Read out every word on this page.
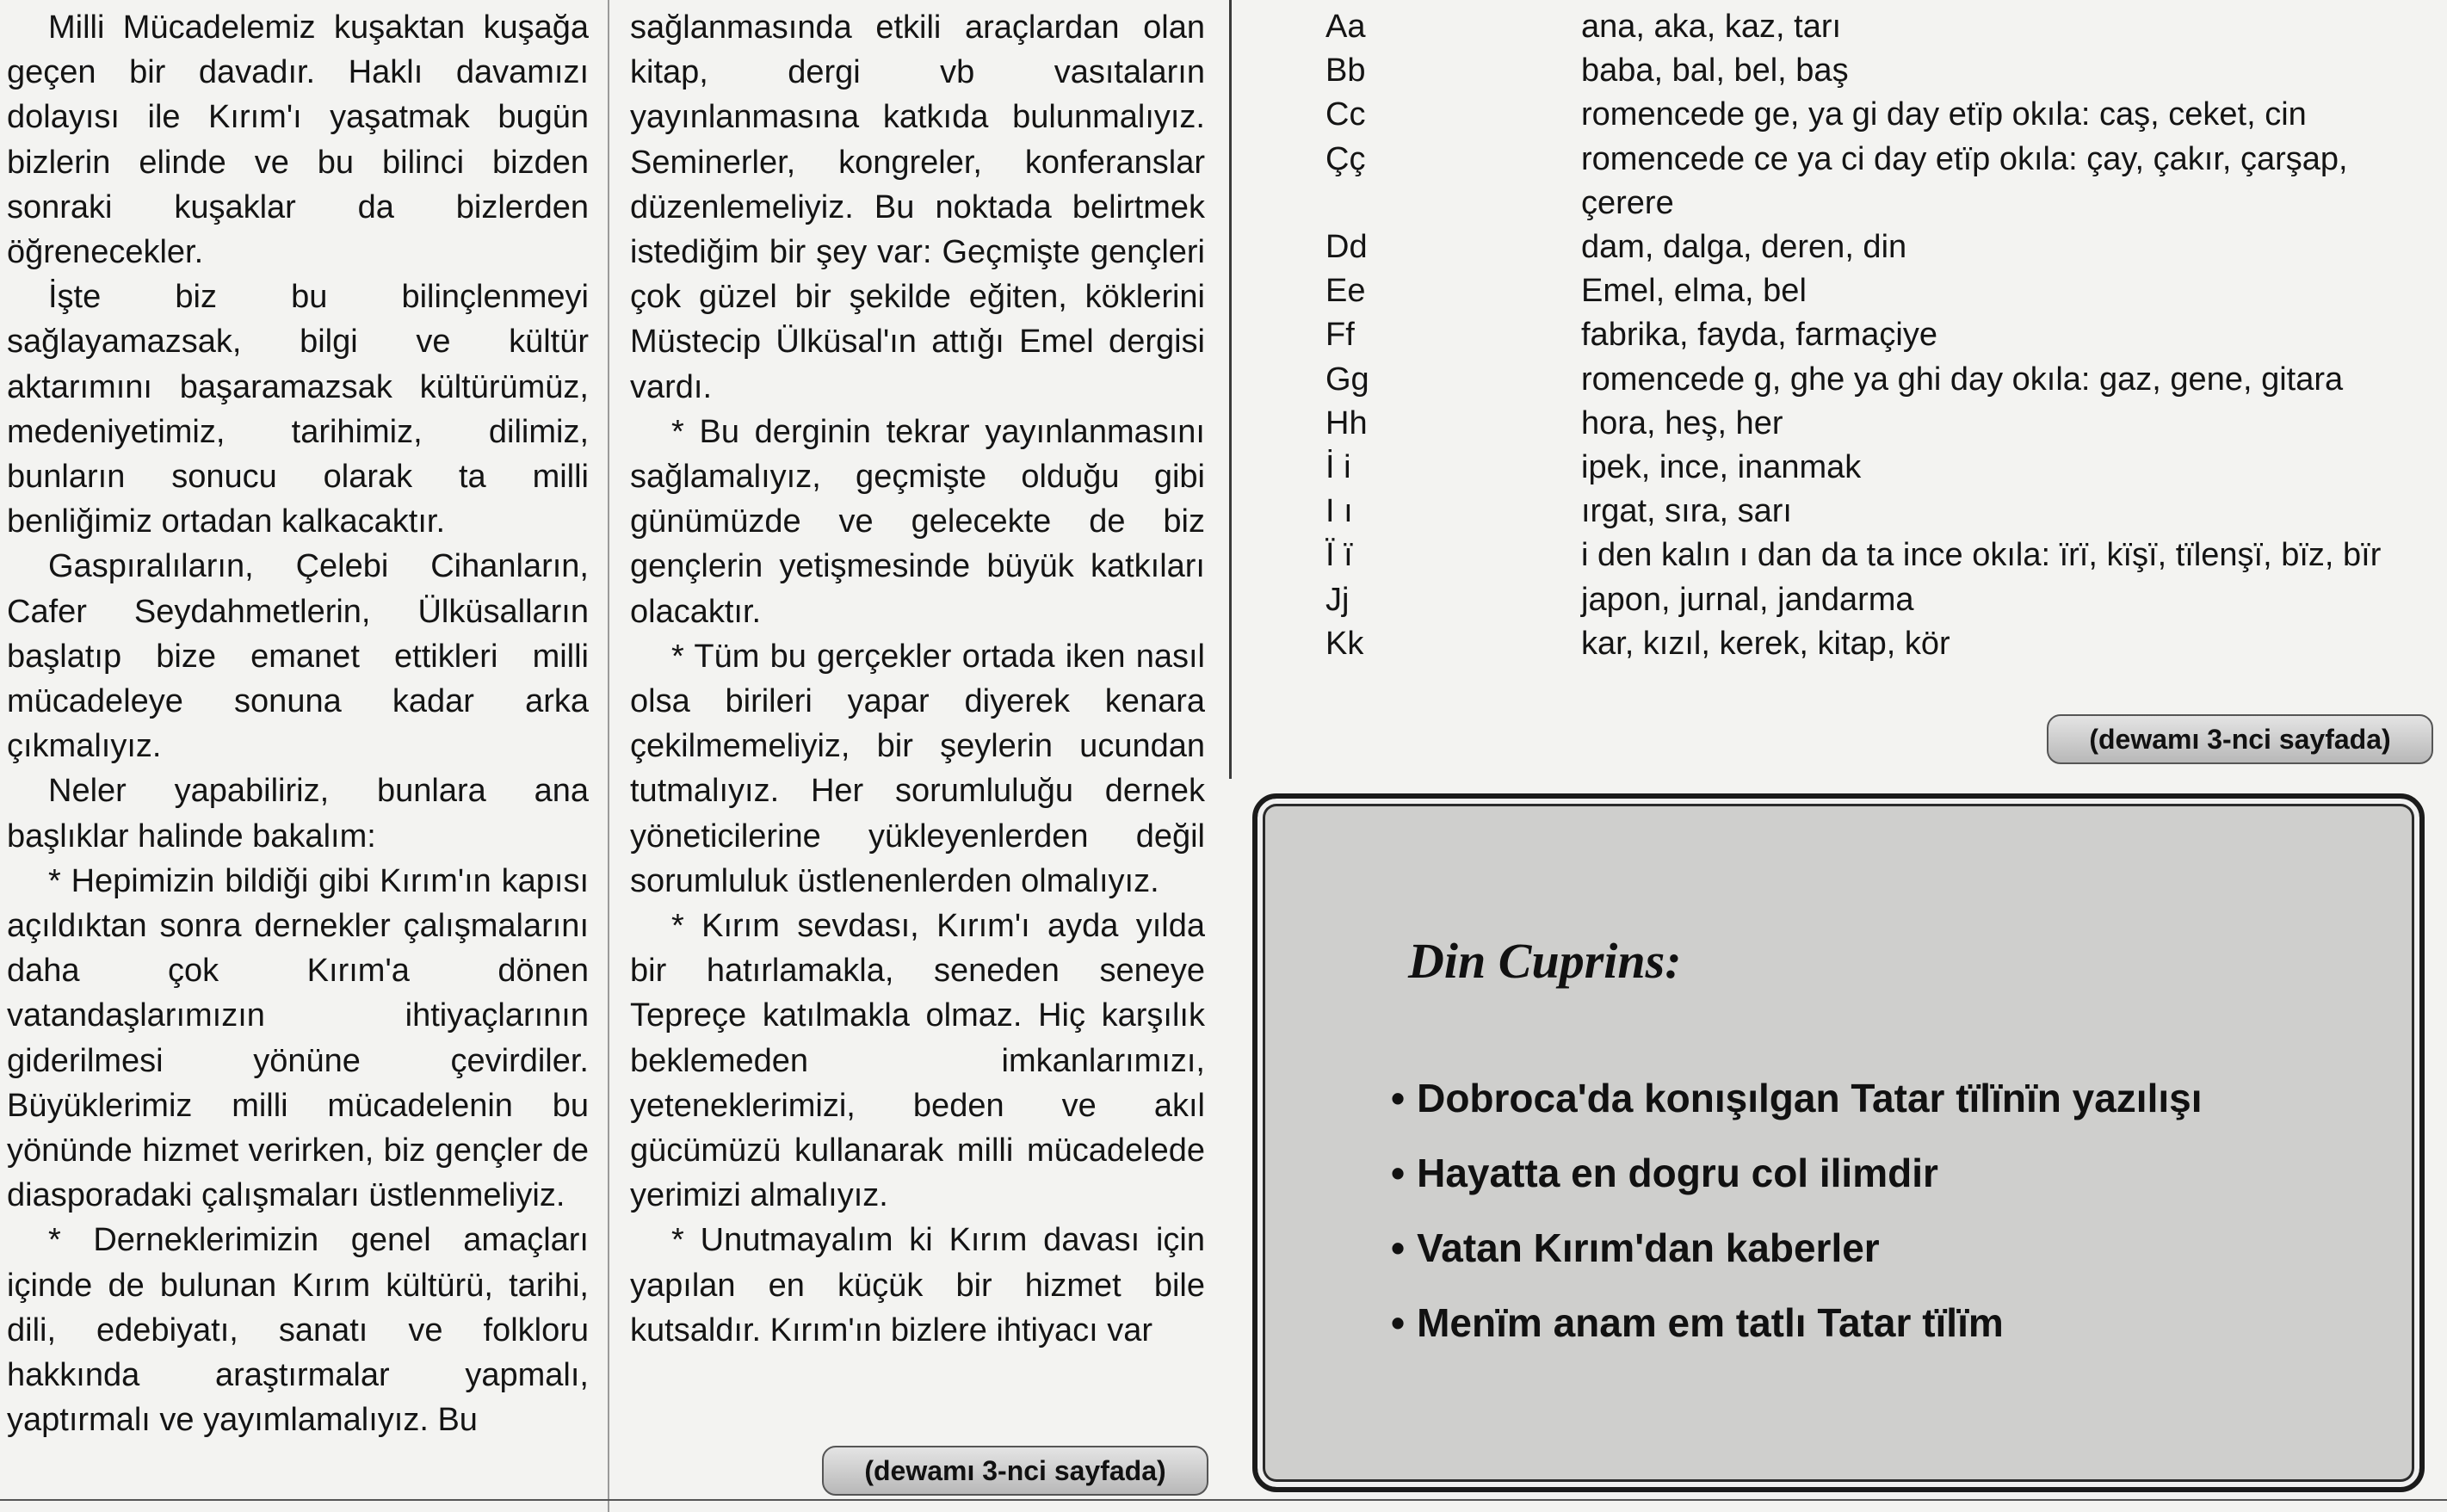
Milli Mücadelemiz kuşaktan kuşağa geçen bir davadır. Haklı davamızı dolayısı ile Kırım'ı yaşatmak bugün bizlerin elinde ve bu bilinci bizden sonraki kuşaklar da bizlerden öğrenecekler.

İşte biz bu bilinçlenmeyi sağlayamazsak, bilgi ve kültür aktarımını başaramazsak kültürümüz, medeniyetimiz, tarihimiz, dilimiz, bunların sonucu olarak ta milli benliğimiz ortadan kalkacaktır.

Gaspıralıların, Çelebi Cihanların, Cafer Seydahmetlerin, Ülküsalların başlatıp bize emanet ettikleri milli mücadeleye sonuna kadar arka çıkmalıyız.

Neler yapabiliriz, bunlara ana başlıklar halinde bakalım:

* Hepimizin bildiği gibi Kırım'ın kapısı açıldıktan sonra dernekler çalışmalarını daha çok Kırım'a dönen vatandaşlarımızın ihtiyaçlarının giderilmesi yönüne çevirdiler. Büyüklerimiz milli mücadelenin bu yönünde hizmet verirken, biz gençler de diasporadaki çalışmaları üstlenmeliyiz.

* Derneklerimizin genel amaçları içinde de bulunan Kırım kültürü, tarihi, dili, edebiyatı, sanatı ve folkloru hakkında araştırmalar yapmalı, yaptırmalı ve yayımlamalıyız. Bu

sağlanmasında etkili araçlardan olan kitap, dergi vb vasıtaların yayınlanmasına katkıda bulunmalıyız. Seminerler, kongreler, konferanslar düzenlemeliyiz. Bu noktada belirtmek istediğim bir şey var: Geçmişte gençleri çok güzel bir şekilde eğiten, köklerini Müstecip Ülküsal'ın attığı Emel dergisi vardı.

* Bu derginin tekrar yayınlanmasını sağlamalıyız, geçmişte olduğu gibi günümüzde ve gelecekte de biz gençlerin yetişmesinde büyük katkıları olacaktır.

* Tüm bu gerçekler ortada iken nasıl olsa birileri yapar diyerek kenara çekilmemeliyiz, bir şeylerin ucundan tutmalıyız. Her sorumluluğu dernek yöneticilerine yükleyenlerden değil sorumluluk üstlenenlerden olmalıyız.

* Kırım sevdası, Kırım'ı ayda yılda bir hatırlamakla, seneden seneye Tepreçe katılmakla olmaz. Hiç karşılık beklemeden imkanlarımızı, yeteneklerimizi, beden ve akıl gücümüzü kullanarak milli mücadelede yerimizi almalıyız.

* Unutmayalım ki Kırım davası için yapılan en küçük bir hizmet bile kutsaldır. Kırım'ın bizlere ihtiyacı var

(dewamı 3-nci sayfada)
Aa	ana, aka, kaz, tarı
Bb	baba, bal, bel, baş
Cc	romencede ge, ya gi day etïp okıla: caş, ceket, cin
Çç	romencede ce ya ci day etïp okıla: çay, çakır, çarşap, çerere
Dd	dam, dalga, deren, din
Ee	Emel, elma, bel
Ff	fabrika, fayda, farmaçiye
Gg	romencede g, ghe ya ghi day okıla: gaz, gene, gitara
Hh	hora, heş, her
İ i	ipek, ince, inanmak
I ı	ırgat, sıra, sarı
Ï ï	i den kalın ı dan da ta ince okıla: ïrï, kïşï, tïlenşï, bïz, bïr
Jj	japon, jurnal, jandarma
Kk	kar, kızıl, kerek, kitap, kör
(dewamı 3-nci sayfada)
Din Cuprins:
• Dobroca'da konışılgan Tatar tïlïnïn yazılışı
• Hayatta en dogru col ilimdir
• Vatan Kırım'dan kaberler
• Menïm anam em tatlı Tatar tïlïm
